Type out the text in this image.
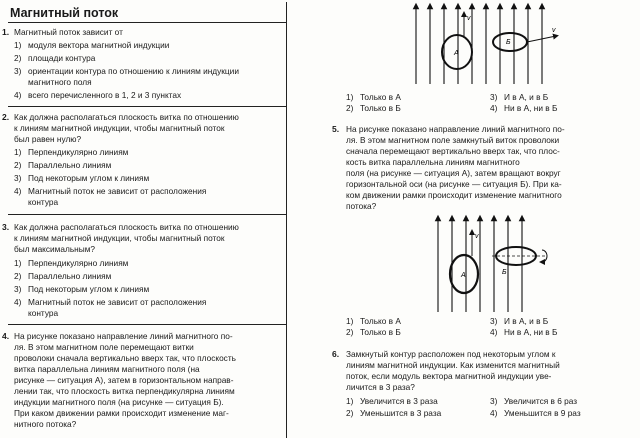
Магнитный поток
1. Магнитный поток зависит от
1) модуля вектора магнитной индукции
2) площади контура
3) ориентации контура по отношению к линиям индукции
магнитного поля
4) всего перечисленного в 1, 2 и 3 пунктах
2. Как должна располагаться плоскость витка по отношению
к линиям магнитной индукции, чтобы магнитный поток
был равен нулю?
1) Перпендикулярно линиям
2) Параллельно линиям
3) Под некоторым углом к линиям
4) Магнитный поток не зависит от расположения
контура
3. Как должна располагаться плоскость витка по отношению
к линиям магнитной индукции, чтобы магнитный поток
был максимальным?
1) Перпендикулярно линиям
2) Параллельно линиям
3) Под некоторым углом к линиям
4) Магнитный поток не зависит от расположения
контура
4. На рисунке показано направление линий магнитного по-
ля. В этом магнитном поле перемещают витки
проволоки сначала вертикально вверх так, что плоскость
витка параллельна линиям магнитного поля (на
рисунке — ситуация А), затем в горизонтальном направ-
лении так, что плоскость витка перпендикулярна линиям
индукции магнитного поля (на рисунке — ситуация Б).
При каком движении рамки происходит изменение маг-
нитного потока?
v
А
v
Б
1) Только в А	3) И в А, и в Б
2) Только в Б	4) Ни в А, ни в Б
5. На рисунке показано направление линий магнитного по-
ля. В этом магнитном поле замкнутый виток проволоки
сначала перемещают вертикально вверх так, что плос-
кость витка параллельна линиям магнитного
поля (на рисунке — ситуация А), затем вращают вокруг
горизонтальной оси (на рисунке — ситуация Б). При ка-
ком движении рамки происходит изменение магнитного
потока?
v
А	Б
1) Только в А	3) И в А, и в Б
2) Только в Б	4) Ни в А, ни в Б
6. Замкнутый контур расположен под некоторым углом к
линиям магнитной индукции. Как изменится магнитный
поток, если модуль вектора магнитной индукции уве-
личится в 3 раза?
1) Увеличится в 3 раза	3) Увеличится в 6 раз
2) Уменьшится в 3 раза	4) Уменьшится в 9 раз
